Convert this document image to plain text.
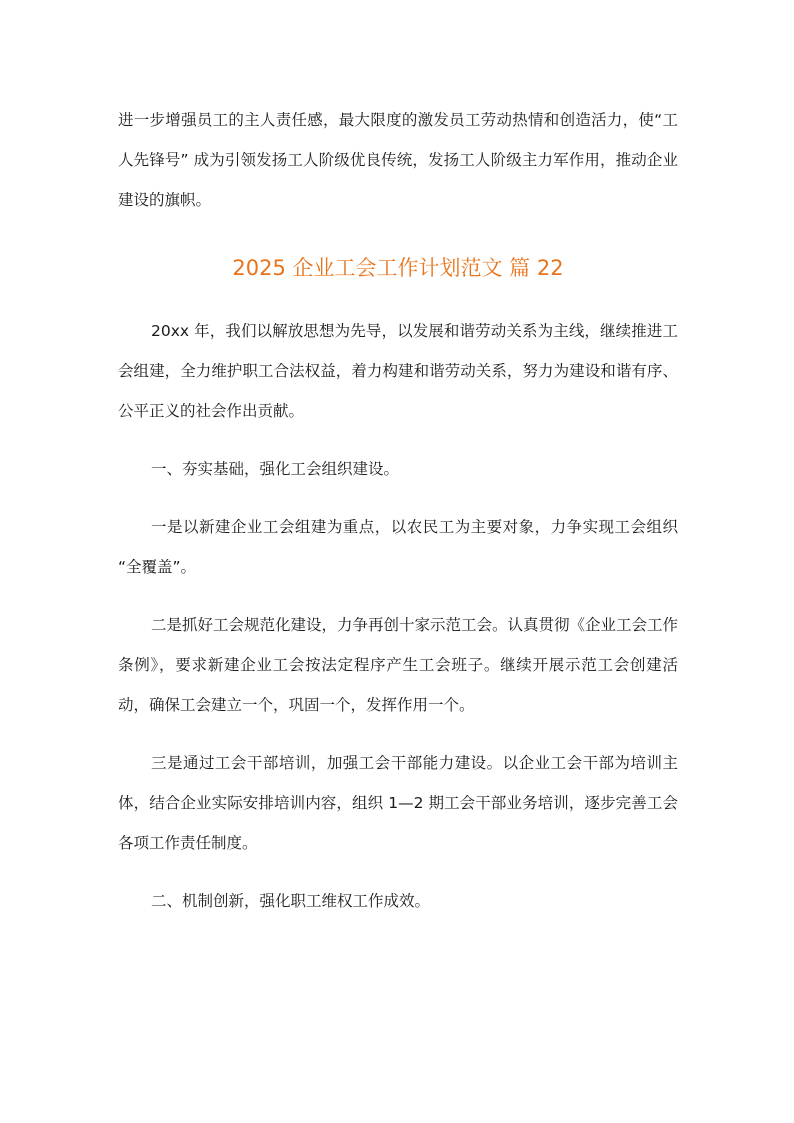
进一步增强员工的主人责任感，最大限度的激发员工劳动热情和创造活力，使“工人先锋号” 成为引领发扬工人阶级优良传统，发扬工人阶级主力军作用，推动企业建设的旗帜。

2025 企业工会工作计划范文 篇 22

20xx 年，我们以解放思想为先导，以发展和谐劳动关系为主线，继续推进工会组建，全力维护职工合法权益，着力构建和谐劳动关系，努力为建设和谐有序、公平正义的社会作出贡献。

一、夯实基础，强化工会组织建设。

一是以新建企业工会组建为重点，以农民工为主要对象，力争实现工会组织 “全覆盖”。

二是抓好工会规范化建设，力争再创十家示范工会。认真贯彻《企业工会工作条例》，要求新建企业工会按法定程序产生工会班子。继续开展示范工会创建活动，确保工会建立一个，巩固一个，发挥作用一个。

三是通过工会干部培训，加强工会干部能力建设。以企业工会干部为培训主体，结合企业实际安排培训内容，组织 1—2 期工会干部业务培训，逐步完善工会各项工作责任制度。

二、机制创新，强化职工维权工作成效。
